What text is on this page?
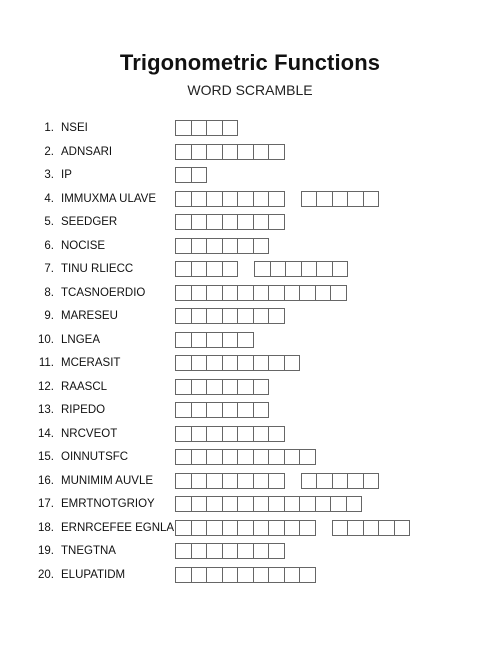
Trigonometric Functions
WORD SCRAMBLE
1. NSEI
2. ADNSARI
3. IP
4. IMMUXMA ULAVE
5. SEEDGER
6. NOCISE
7. TINU RLIECC
8. TCASNOERDIO
9. MARESEU
10. LNGEA
11. MCERASIT
12. RAASCL
13. RIPEDO
14. NRCVEOT
15. OINNUTSFC
16. MUNIMIM AUVLE
17. EMRTNOTGRIOY
18. ERNRCEFEE EGNLA
19. TNEGTNA
20. ELUPATIDM
